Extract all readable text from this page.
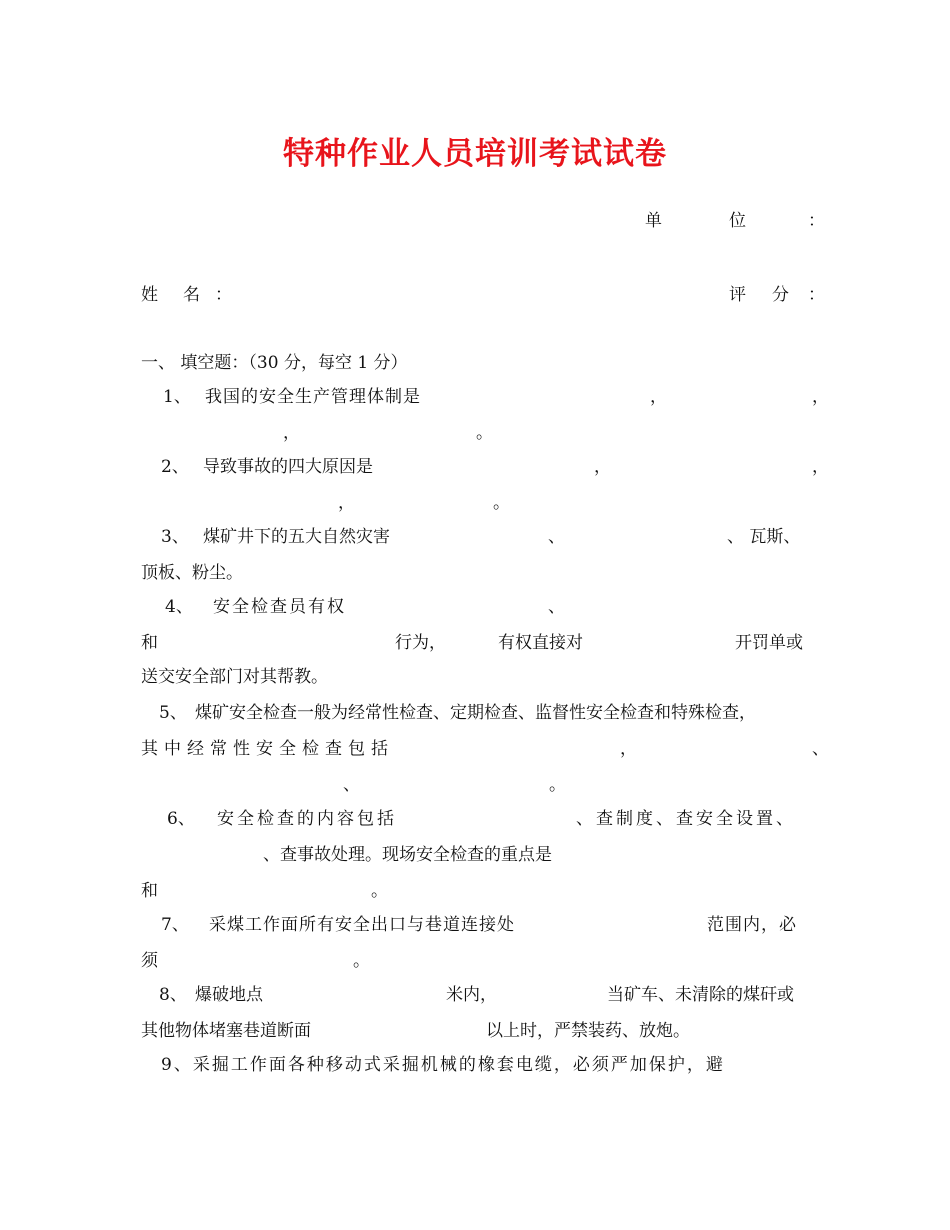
特种作业人员培训考试试卷
单	位	：
姓 名 ：	评 分 ：
一、 填空题：（30 分，每空 1 分）
1、 我国的安全生产管理体制是	，	，
，	。
2、 导致事故的四大原因是	，	，
，	。
3、 煤矿井下的五大自然灾害	、	、 瓦斯、
顶板、粉尘。
4、 安全检查员有权	、
和	行为，	有权直接对	开罚单或
送交安全部门对其帮教。
5、 煤矿安全检查一般为经常性检查、定期检查、监督性安全检查和特殊检查，
其中经常性安全检查包括	，	、
、	。
6、 安全检查的内容包括	、查制度、查安全设置、
、查事故处理。现场安全检查的重点是
和	。
7、 采煤工作面所有安全出口与巷道连接处	范围内，必
须	。
8、 爆破地点	米内，	当矿车、未清除的煤矸或
其他物体堵塞巷道断面	以上时，严禁装药、放炮。
9、采掘工作面各种移动式采掘机械的橡套电缆，必须严加保护，避
